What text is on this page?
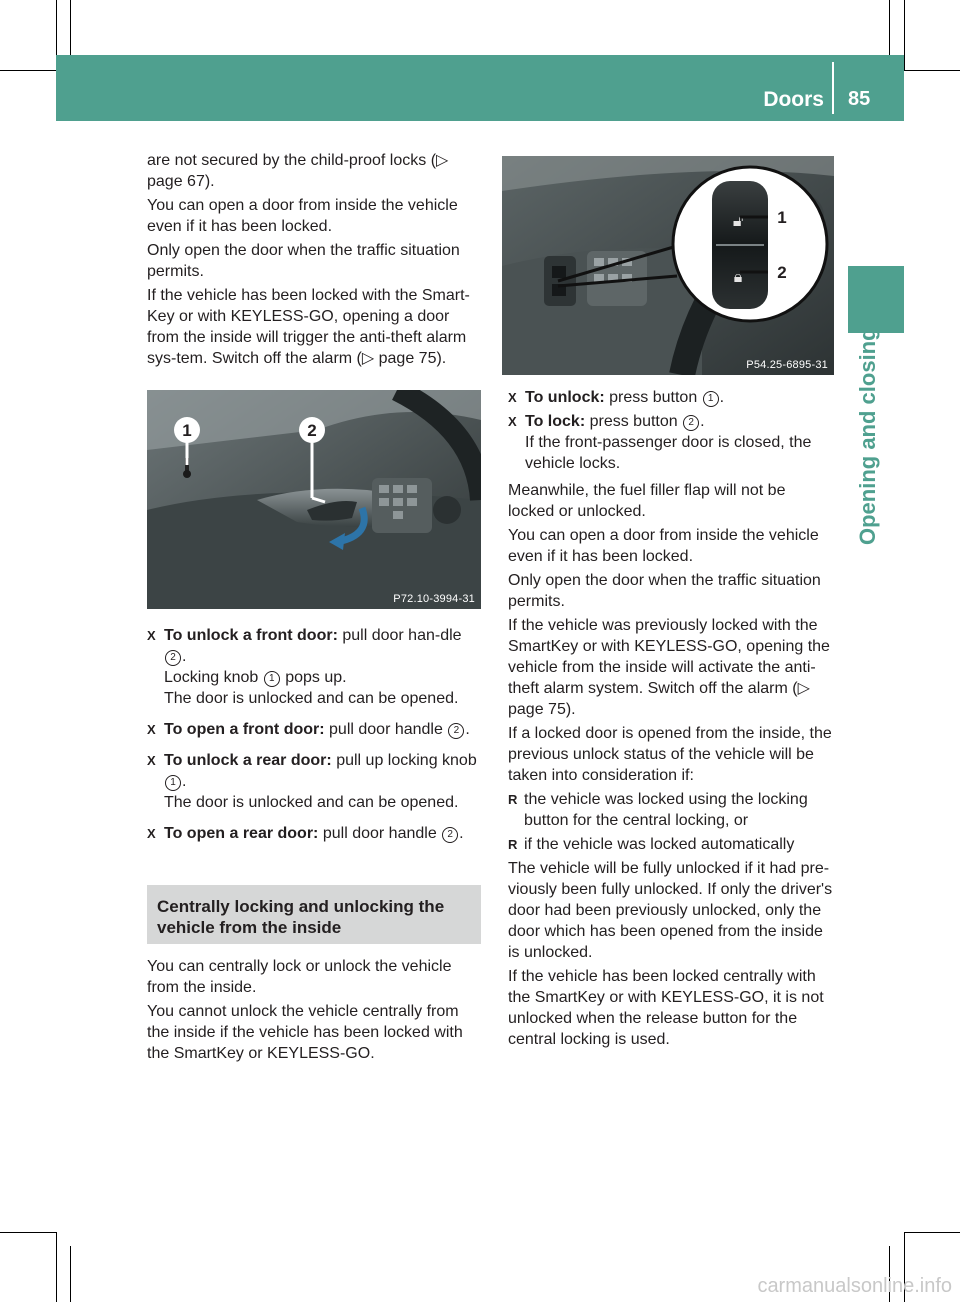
Doors 85
Opening and closing

are not secured by the child-proof locks (▷ page 67).

You can open a door from inside the vehicle even if it has been locked.

Only open the door when the traffic situation permits.

If the vehicle has been locked with the Smart-Key or with KEYLESS-GO, opening a door from the inside will trigger the anti-theft alarm sys-tem. Switch off the alarm (▷ page 75).

1	2
P72.10-3994-31
X To unlock a front door: pull door han-dle 2 .
Locking knob 1 pops up.
The door is unlocked and can be opened.
X To open a front door: pull door handle 2 .
X To unlock a rear door: pull up locking knob 1 .
The door is unlocked and can be opened.
X To open a rear door: pull door handle 2 .
Centrally locking and unlocking the vehicle from the inside

You can centrally lock or unlock the vehicle from the inside.

You cannot unlock the vehicle centrally from the inside if the vehicle has been locked with the SmartKey or KEYLESS-GO.

🔓︎
🔒︎
1
2
P54.25-6895-31
X To unlock: press button 1 .
X To lock: press button 2 .
If the front-passenger door is closed, the vehicle locks.

Meanwhile, the fuel filler flap will not be locked or unlocked.

You can open a door from inside the vehicle even if it has been locked.

Only open the door when the traffic situation permits.

If the vehicle was previously locked with the SmartKey or with KEYLESS-GO, opening the vehicle from the inside will activate the anti-theft alarm system. Switch off the alarm (▷ page 75).

If a locked door is opened from the inside, the previous unlock status of the vehicle will be taken into consideration if:

R the vehicle was locked using the locking button for the central locking, or
R if the vehicle was locked automatically

The vehicle will be fully unlocked if it had pre-viously been fully unlocked. If only the driver's door had been previously unlocked, only the door which has been opened from the inside is unlocked.

If the vehicle has been locked centrally with the SmartKey or with KEYLESS-GO, it is not unlocked when the release button for the central locking is used.

carmanualsonline.info
